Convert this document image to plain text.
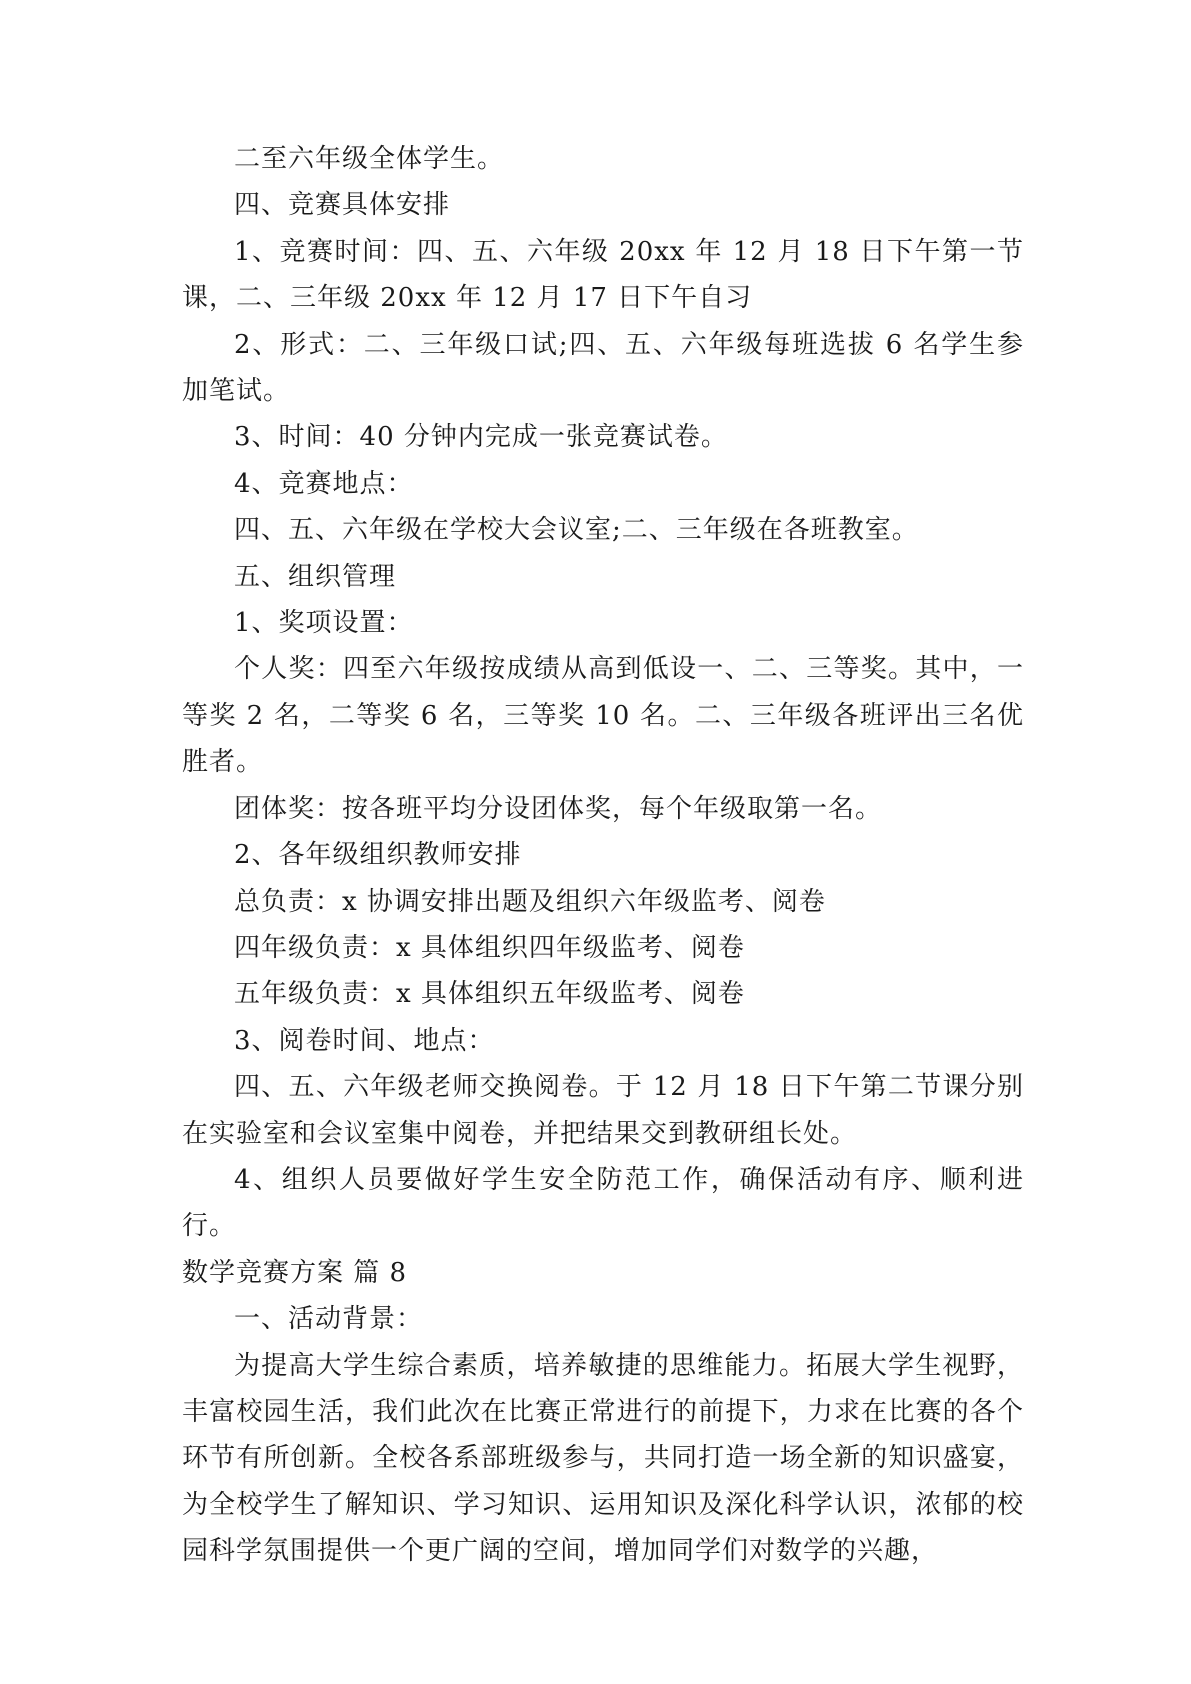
二至六年级全体学生。

四、竞赛具体安排

1、竞赛时间：四、五、六年级 20xx 年 12 月 18 日下午第一节课，二、三年级 20xx 年 12 月 17 日下午自习

2、形式：二、三年级口试;四、五、六年级每班选拔 6 名学生参加笔试。

3、时间：40 分钟内完成一张竞赛试卷。

4、竞赛地点：

四、五、六年级在学校大会议室;二、三年级在各班教室。

五、组织管理

1、奖项设置：

个人奖：四至六年级按成绩从高到低设一、二、三等奖。其中，一等奖 2 名，二等奖 6 名，三等奖 10 名。二、三年级各班评出三名优胜者。

团体奖：按各班平均分设团体奖，每个年级取第一名。

2、各年级组织教师安排

总负责：x 协调安排出题及组织六年级监考、阅卷

四年级负责：x 具体组织四年级监考、阅卷

五年级负责：x 具体组织五年级监考、阅卷

3、阅卷时间、地点：

四、五、六年级老师交换阅卷。于 12 月 18 日下午第二节课分别在实验室和会议室集中阅卷，并把结果交到教研组长处。

4、组织人员要做好学生安全防范工作，确保活动有序、顺利进行。

数学竞赛方案 篇 8

一、活动背景：

为提高大学生综合素质，培养敏捷的思维能力。拓展大学生视野，丰富校园生活，我们此次在比赛正常进行的前提下，力求在比赛的各个环节有所创新。全校各系部班级参与，共同打造一场全新的知识盛宴，为全校学生了解知识、学习知识、运用知识及深化科学认识，浓郁的校园科学氛围提供一个更广阔的空间，增加同学们对数学的兴趣，
